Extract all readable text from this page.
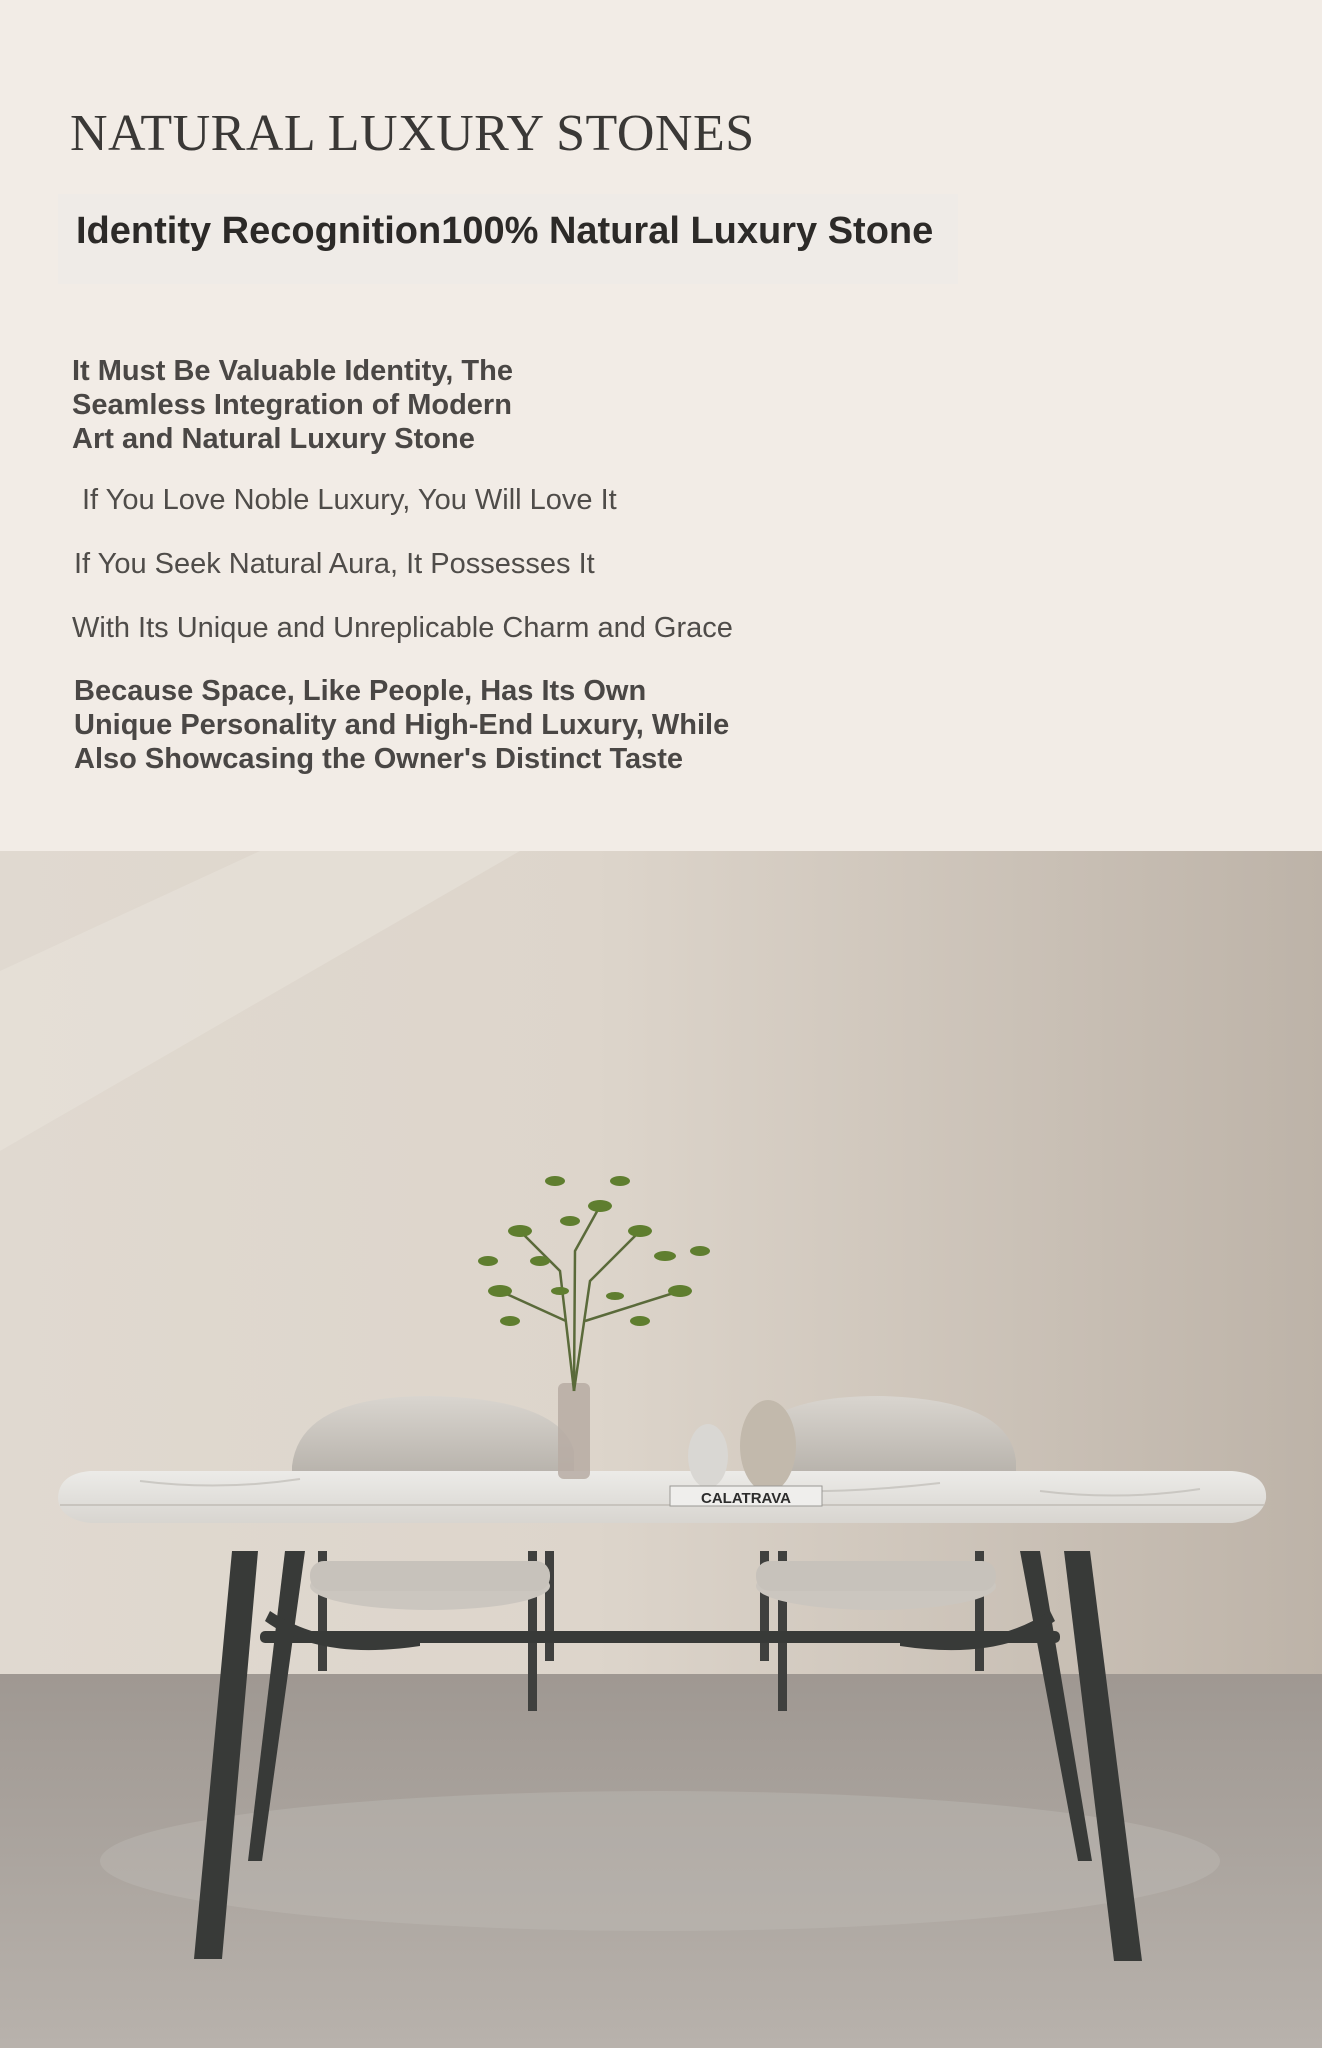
NATURAL LUXURY STONES
Identity Recognition100% Natural Luxury Stone

It Must Be Valuable Identity, The
Seamless Integration of Modern
Art and Natural Luxury Stone

If You Love Noble Luxury, You Will Love It

If You Seek Natural Aura, It Possesses It

With Its Unique and Unreplicable Charm and Grace

Because Space, Like People, Has Its Own
Unique Personality and High-End Luxury, While
Also Showcasing the Owner's Distinct Taste

CALATRAVA
